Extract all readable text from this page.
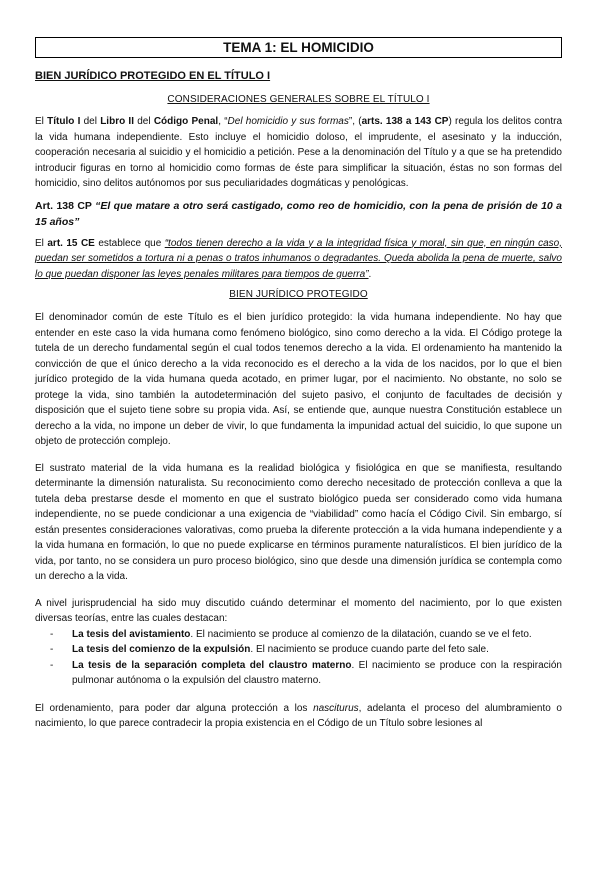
TEMA 1: EL HOMICIDIO
BIEN JURÍDICO PROTEGIDO EN EL TÍTULO I
CONSIDERACIONES GENERALES SOBRE EL TÍTULO I

El Título I del Libro II del Código Penal, “Del homicidio y sus formas”, (arts. 138 a 143 CP) regula los delitos contra la vida humana independiente. Esto incluye el homicidio doloso, el imprudente, el asesinato y la inducción, cooperación necesaria al suicidio y el homicidio a petición. Pese a la denominación del Título y a que se ha pretendido introducir figuras en torno al homicidio como formas de éste para simplificar la situación, éstas no son formas del homicidio, sino delitos autónomos por sus peculiaridades dogmáticas y penológicas.

Art. 138 CP “El que matare a otro será castigado, como reo de homicidio, con la pena de prisión de 10 a 15 años”

El art. 15 CE establece que “todos tienen derecho a la vida y a la integridad física y moral, sin que, en ningún caso, puedan ser sometidos a tortura ni a penas o tratos inhumanos o degradantes. Queda abolida la pena de muerte, salvo lo que puedan disponer las leyes penales militares para tiempos de guerra”.

BIEN JURÍDICO PROTEGIDO

El denominador común de este Título es el bien jurídico protegido: la vida humana independiente. No hay que entender en este caso la vida humana como fenómeno biológico, sino como derecho a la vida. El Código protege la tutela de un derecho fundamental según el cual todos tenemos derecho a la vida. El ordenamiento ha mantenido la convicción de que el único derecho a la vida reconocido es el derecho a la vida de los nacidos, por lo que el bien jurídico protegido de la vida humana queda acotado, en primer lugar, por el nacimiento. No obstante, no solo se protege la vida, sino también la autodeterminación del sujeto pasivo, el conjunto de facultades de decisión y disposición que el sujeto tiene sobre su propia vida. Así, se entiende que, aunque nuestra Constitución establece un derecho a la vida, no impone un deber de vivir, lo que fundamenta la impunidad actual del suicidio, lo que supone un objeto de protección complejo.

El sustrato material de la vida humana es la realidad biológica y fisiológica en que se manifiesta, resultando determinante la dimensión naturalista. Su reconocimiento como derecho necesitado de protección conlleva a que la tutela deba prestarse desde el momento en que el sustrato biológico pueda ser considerado como vida humana independiente, no se puede condicionar a una exigencia de “viabilidad” como hacía el Código Civil. Sin embargo, sí están presentes consideraciones valorativas, como prueba la diferente protección a la vida humana independiente y a la vida humana en formación, lo que no puede explicarse en términos puramente naturalísticos. El bien jurídico de la vida, por tanto, no se considera un puro proceso biológico, sino que desde una dimensión jurídica se contempla como un derecho a la vida.

A nivel jurisprudencial ha sido muy discutido cuándo determinar el momento del nacimiento, por lo que existen diversas teorías, entre las cuales destacan:

- La tesis del avistamiento. El nacimiento se produce al comienzo de la dilatación, cuando se ve el feto.
- La tesis del comienzo de la expulsión. El nacimiento se produce cuando parte del feto sale.
- La tesis de la separación completa del claustro materno. El nacimiento se produce con la respiración pulmonar autónoma o la expulsión del claustro materno.

El ordenamiento, para poder dar alguna protección a los nasciturus, adelanta el proceso del alumbramiento o nacimiento, lo que parece contradecir la propia existencia en el Código de un Título sobre lesiones al
